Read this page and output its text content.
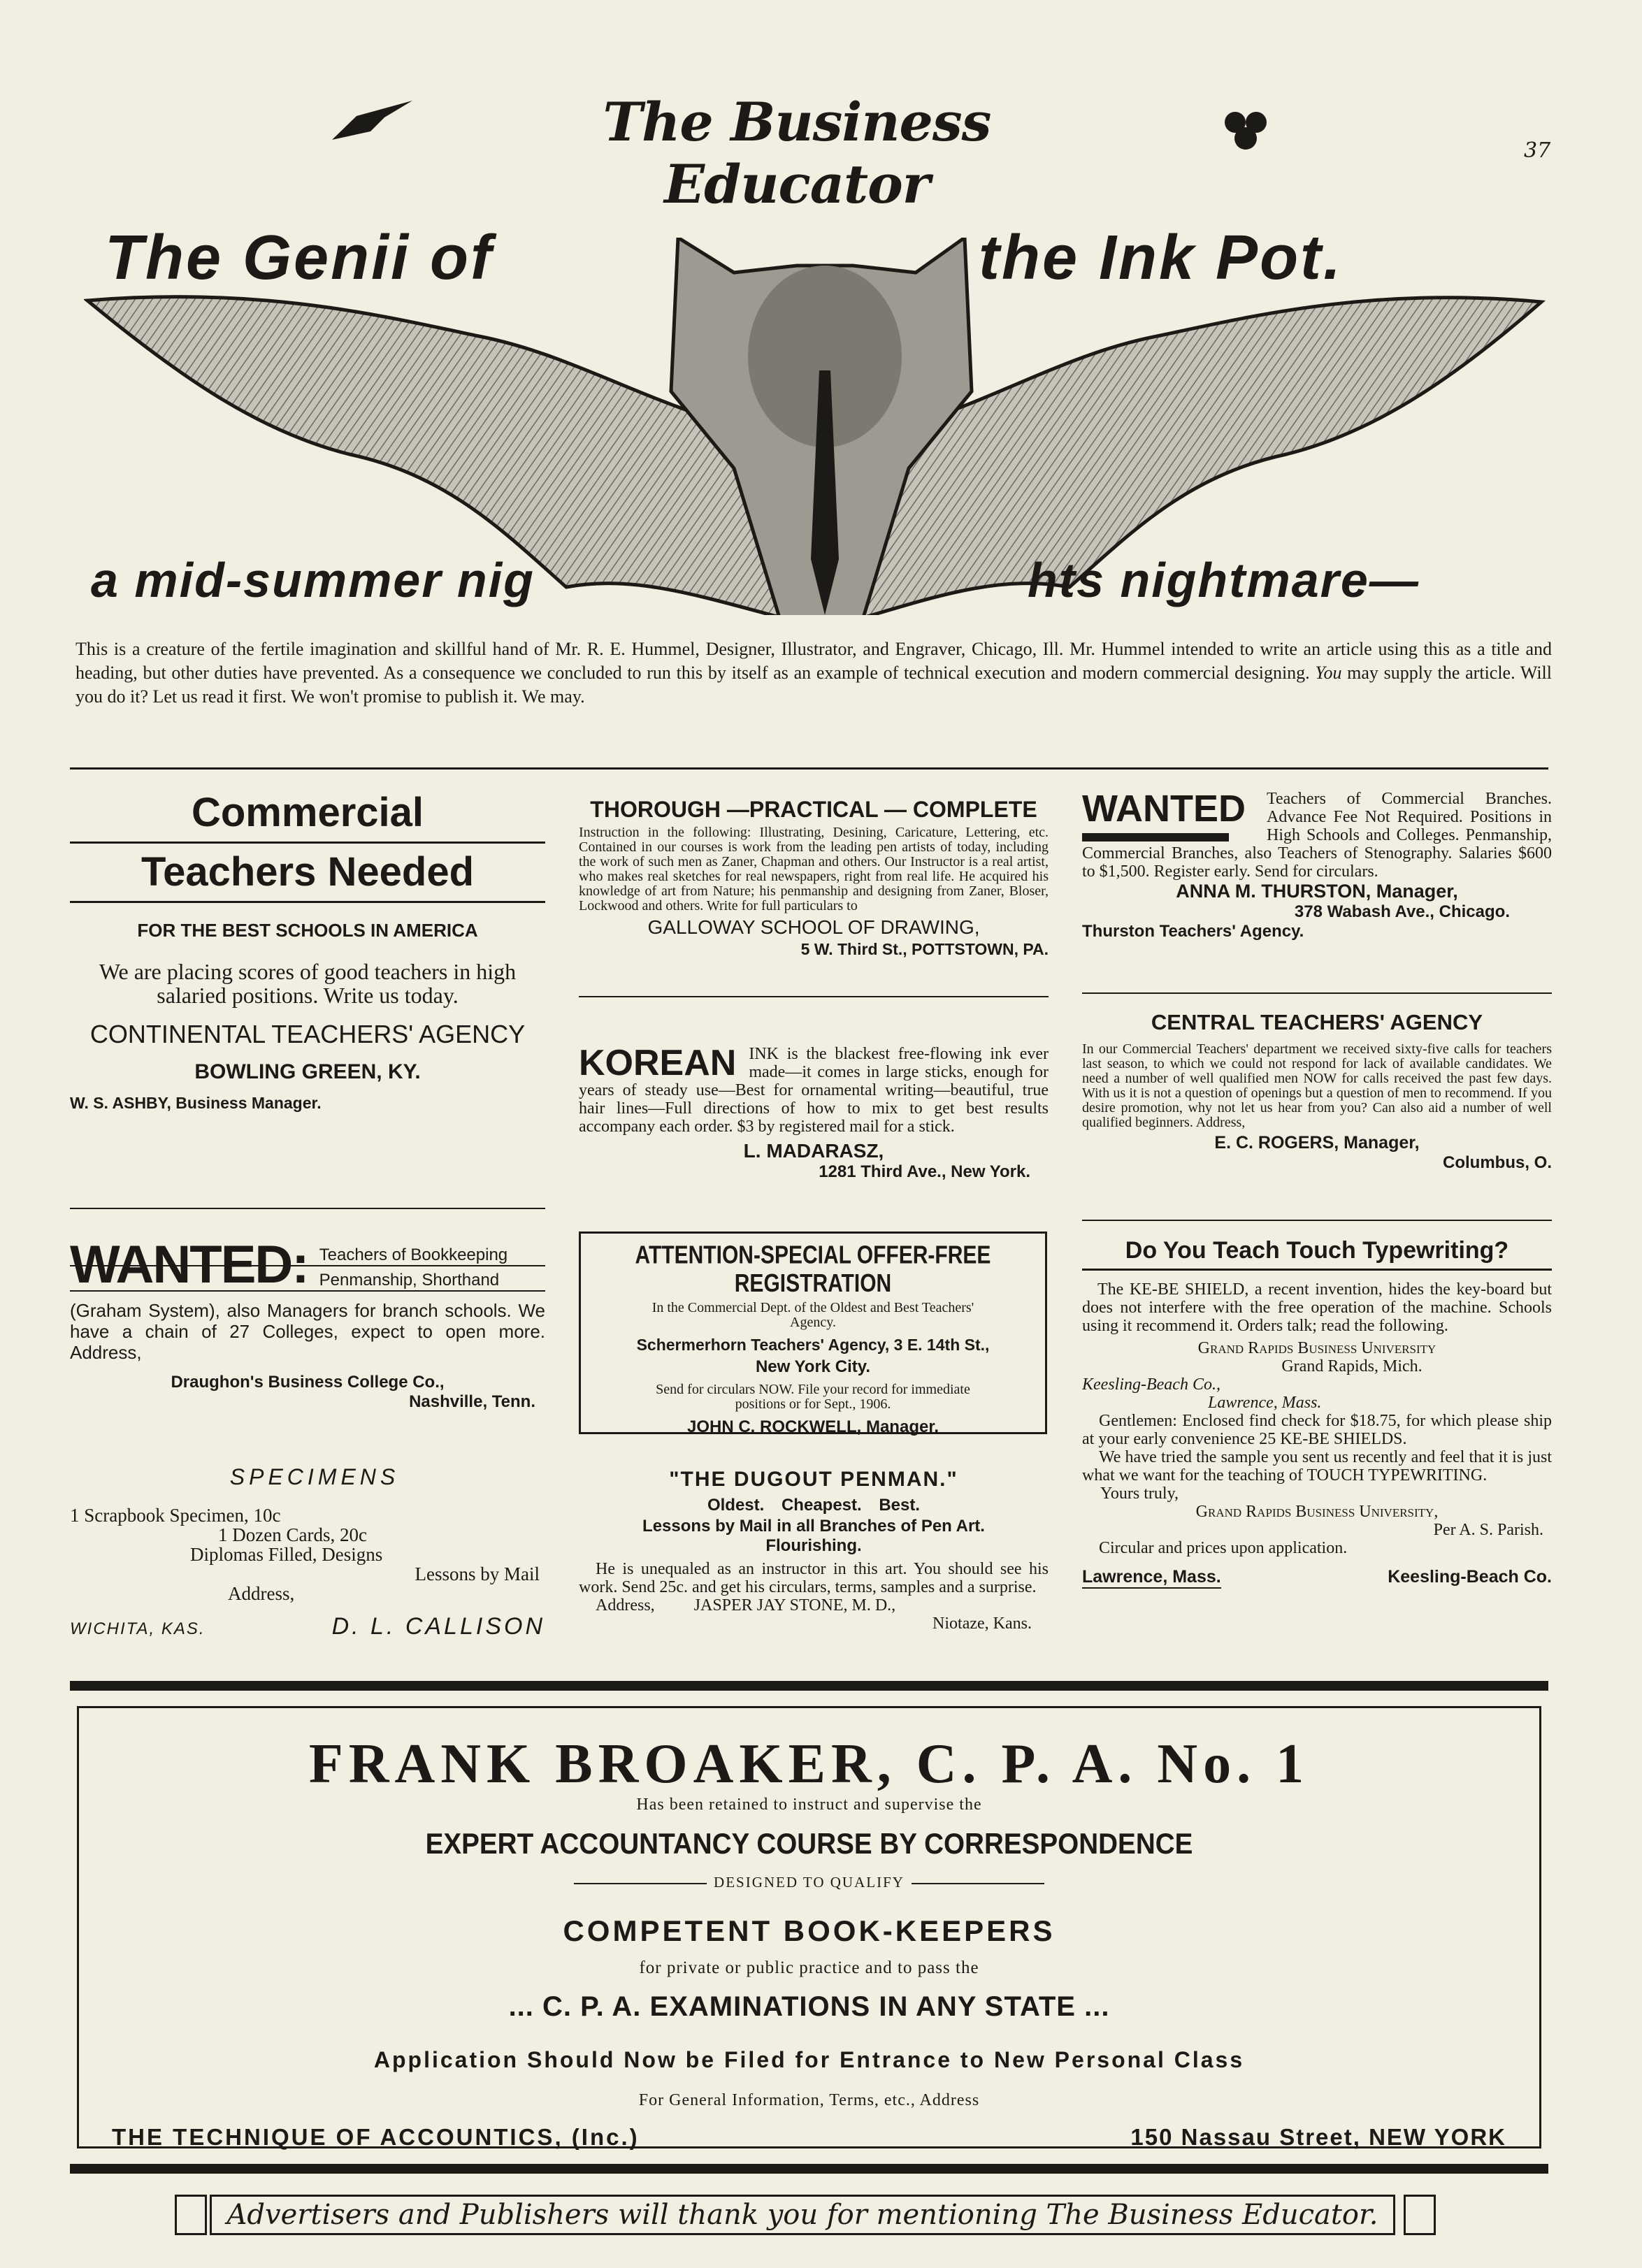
The Business Educator
37
The Genii of	the Ink Pot.
a mid-summer nig	hts nightmare—
This is a creature of the fertile imagination and skillful hand of Mr. R. E. Hummel, Designer, Illustrator, and Engraver, Chicago, Ill. Mr. Hummel intended to write an article using this as a title and heading, but other duties have prevented. As a consequence we concluded to run this by itself as an example of technical execution and modern commercial designing. You may supply the article. Will you do it? Let us read it first. We won't promise to publish it. We may.
Commercial
Teachers Needed
FOR THE BEST SCHOOLS IN AMERICA
We are placing scores of good teachers in high salaried positions. Write us today.
CONTINENTAL TEACHERS' AGENCY
BOWLING GREEN, KY.
W. S. ASHBY, Business Manager.
THOROUGH —PRACTICAL — COMPLETE
Instruction in the following: Illustrating, Desining, Caricature, Lettering, etc. Contained in our courses is work from the leading pen artists of today, including the work of such men as Zaner, Chapman and others. Our Instructor is a real artist, who makes real sketches for real newspapers, right from real life. He acquired his knowledge of art from Nature; his penmanship and designing from Zaner, Bloser, Lockwood and others. Write for full particulars to
GALLOWAY SCHOOL OF DRAWING,
5 W. Third St., POTTSTOWN, PA.
KOREAN INK is the blackest free-flowing ink ever made—it comes in large sticks, enough for years of steady use—Best for ornamental writing—beautiful, true hair lines—Full directions of how to mix to get best results accompany each order. $3 by registered mail for a stick.
L. MADARASZ,
1281 Third Ave., New York.
WANTED	Teachers of Commercial Branches. Advance Fee Not Required. Positions in High Schools and Colleges. Penmanship, Commercial Branches, also Teachers of Stenography. Salaries $600 to $1,500. Register early. Send for circulars.
ANNA M. THURSTON, Manager,
378 Wabash Ave., Chicago.
Thurston Teachers' Agency.
CENTRAL TEACHERS' AGENCY
In our Commercial Teachers' department we received sixty-five calls for teachers last season, to which we could not respond for lack of available candidates. We need a number of well qualified men NOW for calls received the past few days. With us it is not a question of openings but a question of men to recommend. If you desire promotion, why not let us hear from you? Can also aid a number of well qualified beginners. Address,
E. C. ROGERS, Manager,
Columbus, O.
WANTED: Teachers of Bookkeeping
Penmanship, Shorthand
(Graham System), also Managers for branch schools. We have a chain of 27 Colleges, expect to open more. Address,
Draughon's Business College Co.,
Nashville, Tenn.
ATTENTION-SPECIAL OFFER-FREE REGISTRATION
In the Commercial Dept. of the Oldest and Best Teachers' Agency.
Schermerhorn Teachers' Agency, 3 E. 14th St.,
New York City.
Send for circulars NOW. File your record for immediate positions or for Sept., 1906.
JOHN C. ROCKWELL, Manager.
Do You Teach Touch Typewriting?
The KE-BE SHIELD, a recent invention, hides the key-board but does not interfere with the free operation of the machine. Schools using it recommend it. Orders talk; read the following.
Grand Rapids Business University
Grand Rapids, Mich.
Keesling-Beach Co.,
Lawrence, Mass.
Gentlemen: Enclosed find check for $18.75, for which please ship at your early convenience 25 KE-BE SHIELDS.
We have tried the sample you sent us recently and feel that it is just what we want for the teaching of TOUCH TYPEWRITING.
Yours truly,
Grand Rapids Business University,
Per A. S. Parish.
Circular and prices upon application.
Lawrence, Mass.	Keesling-Beach Co.
SPECIMENS
1 Scrapbook Specimen, 10c
1 Dozen Cards, 20c
Diplomas Filled, Designs
Lessons by Mail
Address,
WICHITA, KAS.	D. L. CALLISON
"THE DUGOUT PENMAN."
Oldest. Cheapest. Best.
Lessons by Mail in all Branches of Pen Art. Flourishing.
He is unequaled as an instructor in this art. You should see his work. Send 25c. and get his circulars, terms, samples and a surprise.
Address, JASPER JAY STONE, M. D.,
Niotaze, Kans.
FRANK BROAKER, C. P. A. No. 1
Has been retained to instruct and supervise the
EXPERT ACCOUNTANCY COURSE BY CORRESPONDENCE
DESIGNED TO QUALIFY
COMPETENT BOOK-KEEPERS
for private or public practice and to pass the
... C. P. A. EXAMINATIONS IN ANY STATE ...
Application Should Now be Filed for Entrance to New Personal Class
For General Information, Terms, etc., Address
THE TECHNIQUE OF ACCOUNTICS, (Inc.)	150 Nassau Street, NEW YORK
Advertisers and Publishers will thank you for mentioning The Business Educator.
